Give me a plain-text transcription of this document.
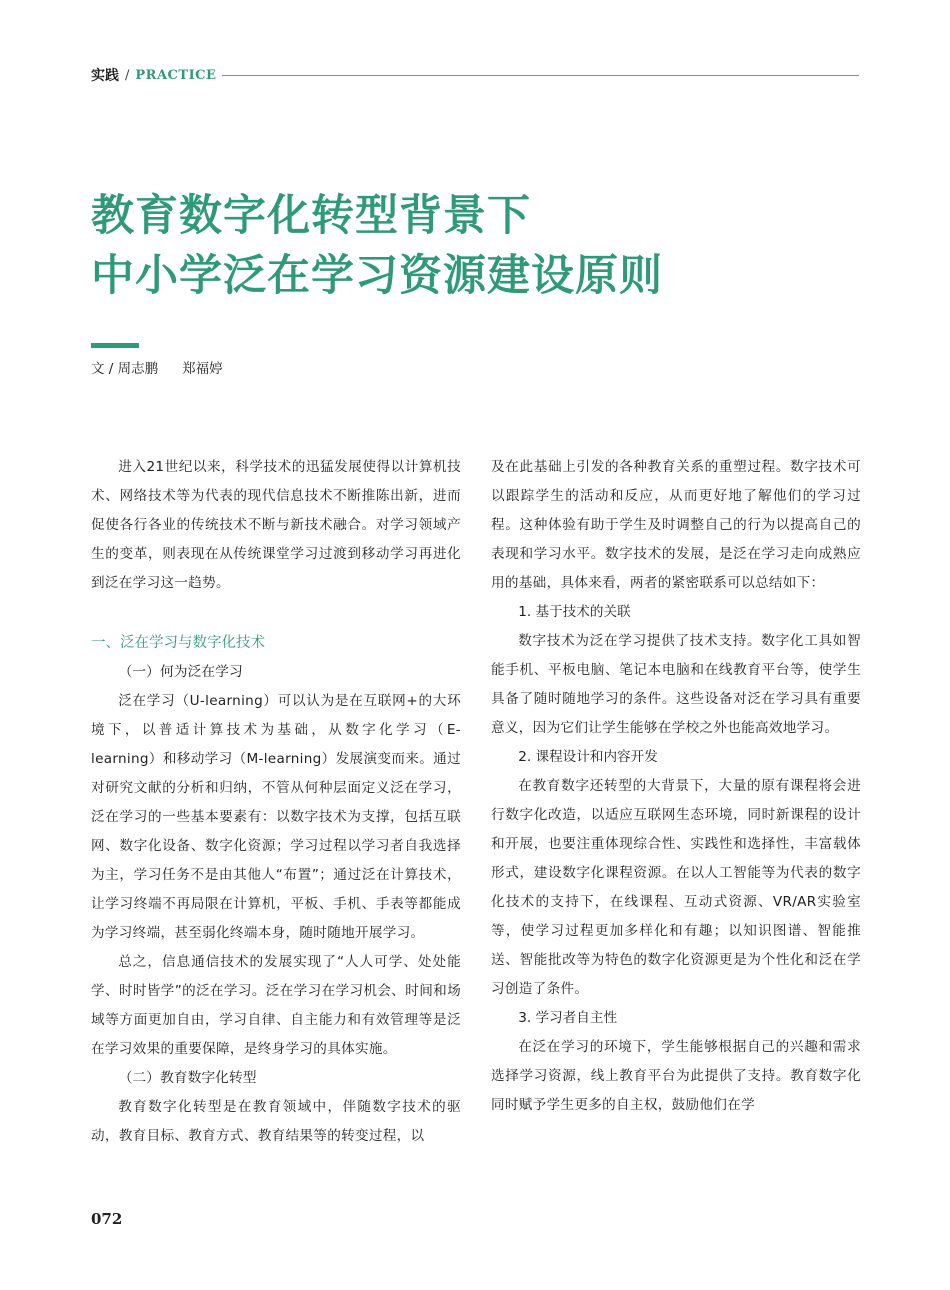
实践 / PRACTICE
教育数字化转型背景下
中小学泛在学习资源建设原则
文 / 周志鹏 郑福婷

进入21世纪以来，科学技术的迅猛发展使得以计算机技术、网络技术等为代表的现代信息技术不断推陈出新，进而促使各行各业的传统技术不断与新技术融合。对学习领域产生的变革，则表现在从传统课堂学习过渡到移动学习再进化到泛在学习这一趋势。

一、泛在学习与数字化技术
（一）何为泛在学习

泛在学习（U-learning）可以认为是在互联网+的大环境下，以普适计算技术为基础，从数字化学习（E-learning）和移动学习（M-learning）发展演变而来。通过对研究文献的分析和归纳，不管从何种层面定义泛在学习，泛在学习的一些基本要素有：以数字技术为支撑，包括互联网、数字化设备、数字化资源；学习过程以学习者自我选择为主，学习任务不是由其他人“布置”；通过泛在计算技术，让学习终端不再局限在计算机，平板、手机、手表等都能成为学习终端，甚至弱化终端本身，随时随地开展学习。

总之，信息通信技术的发展实现了“人人可学、处处能学、时时皆学”的泛在学习。泛在学习在学习机会、时间和场域等方面更加自由，学习自律、自主能力和有效管理等是泛在学习效果的重要保障，是终身学习的具体实施。

（二）教育数字化转型

教育数字化转型是在教育领域中，伴随数字技术的驱动，教育目标、教育方式、教育结果等的转变过程，以

及在此基础上引发的各种教育关系的重塑过程。数字技术可以跟踪学生的活动和反应，从而更好地了解他们的学习过程。这种体验有助于学生及时调整自己的行为以提高自己的表现和学习水平。数字技术的发展，是泛在学习走向成熟应用的基础，具体来看，两者的紧密联系可以总结如下：

1. 基于技术的关联

数字技术为泛在学习提供了技术支持。数字化工具如智能手机、平板电脑、笔记本电脑和在线教育平台等，使学生具备了随时随地学习的条件。这些设备对泛在学习具有重要意义，因为它们让学生能够在学校之外也能高效地学习。

2. 课程设计和内容开发

在教育数字还转型的大背景下，大量的原有课程将会进行数字化改造，以适应互联网生态环境，同时新课程的设计和开展，也要注重体现综合性、实践性和选择性，丰富载体形式，建设数字化课程资源。在以人工智能等为代表的数字化技术的支持下，在线课程、互动式资源、VR/AR实验室等，使学习过程更加多样化和有趣；以知识图谱、智能推送、智能批改等为特色的数字化资源更是为个性化和泛在学习创造了条件。

3. 学习者自主性

在泛在学习的环境下，学生能够根据自己的兴趣和需求选择学习资源，线上教育平台为此提供了支持。教育数字化同时赋予学生更多的自主权，鼓励他们在学

072
